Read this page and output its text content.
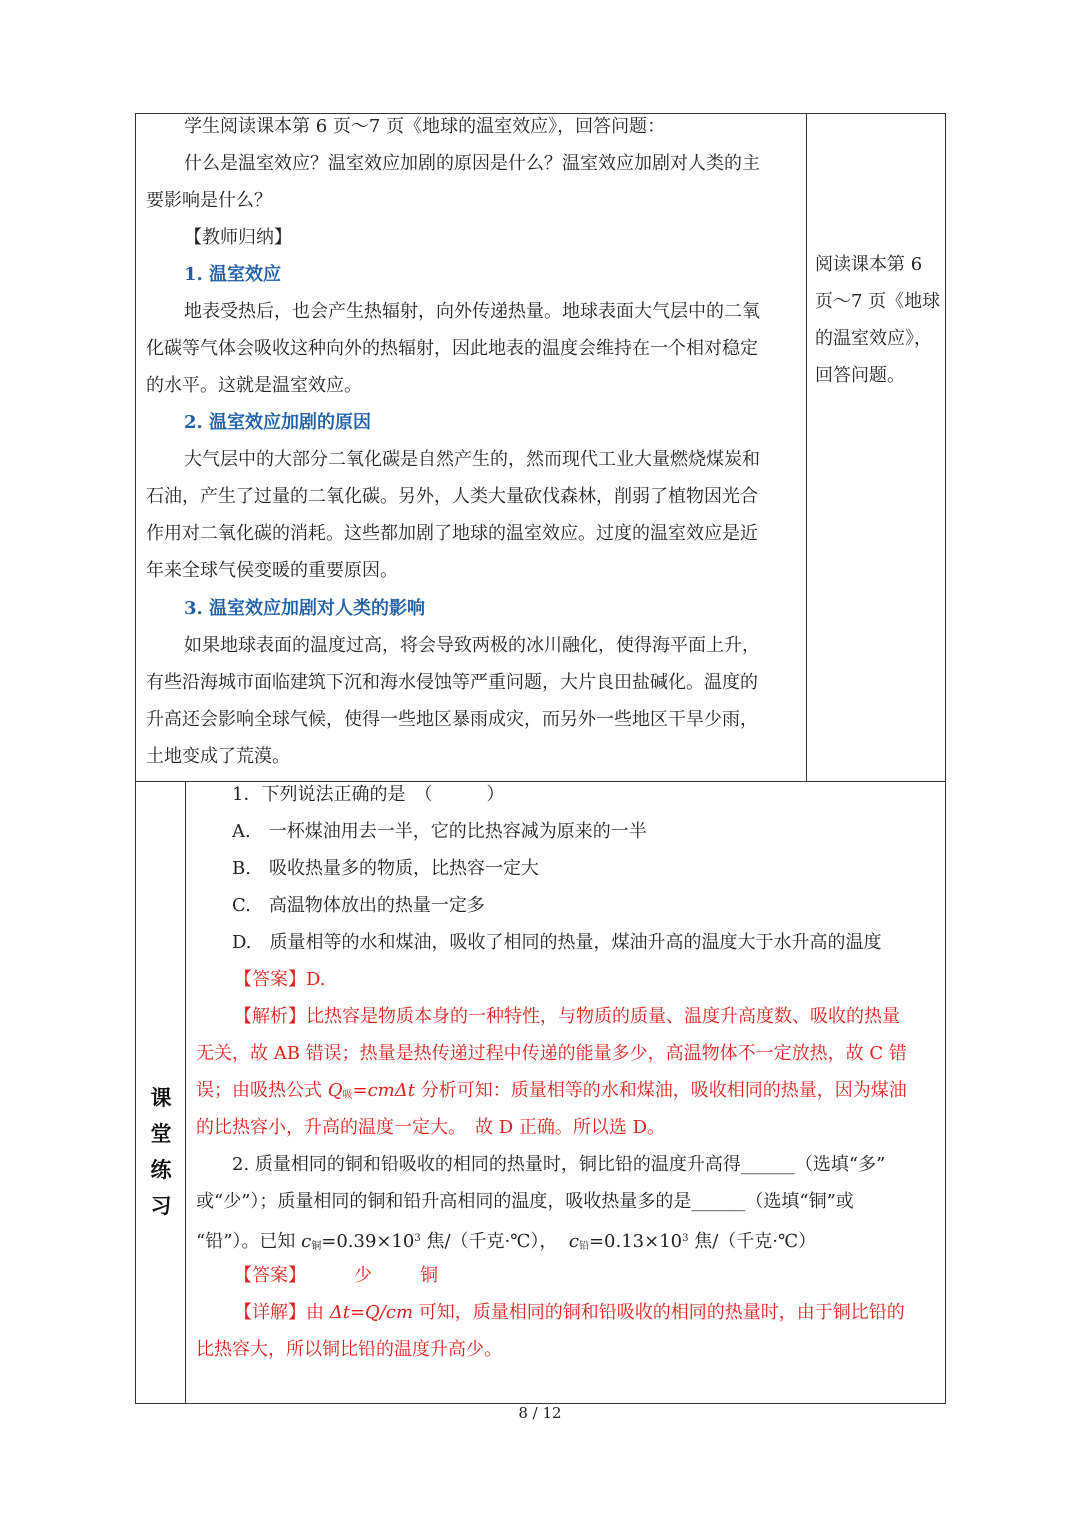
学生阅读课本第 6 页～7 页《地球的温室效应》，回答问题：

什么是温室效应？温室效应加剧的原因是什么？温室效应加剧对人类的主

要影响是什么？

【教师归纳】

1. 温室效应

地表受热后，也会产生热辐射，向外传递热量。地球表面大气层中的二氧

化碳等气体会吸收这种向外的热辐射，因此地表的温度会维持在一个相对稳定

的水平。这就是温室效应。

2. 温室效应加剧的原因

大气层中的大部分二氧化碳是自然产生的，然而现代工业大量燃烧煤炭和

石油，产生了过量的二氧化碳。另外，人类大量砍伐森林，削弱了植物因光合

作用对二氧化碳的消耗。这些都加剧了地球的温室效应。过度的温室效应是近

年来全球气侯变暖的重要原因。

3. 温室效应加剧对人类的影响

如果地球表面的温度过高，将会导致两极的冰川融化，使得海平面上升，

有些沿海城市面临建筑下沉和海水侵蚀等严重问题，大片良田盐碱化。温度的

升高还会影响全球气候，使得一些地区暴雨成灾，而另外一些地区干旱少雨，

土地变成了荒漠。

阅读课本第 6
页～7 页《地球
的温室效应》，
回答问题。
课
堂
练
习

1．下列说法正确的是　（　　　）

A.　一杯煤油用去一半，它的比热容减为原来的一半

B.　吸收热量多的物质，比热容一定大

C.　高温物体放出的热量一定多

D.　质量相等的水和煤油，吸收了相同的热量，煤油升高的温度大于水升高的温度

【答案】D.

【解析】比热容是物质本身的一种特性，与物质的质量、温度升高度数、吸收的热量

无关，故 AB 错误；热量是热传递过程中传递的能量多少，高温物体不一定放热，故 C 错

误；由吸热公式 $Q_吸=cm\Delta t$ 分析可知：质量相等的水和煤油，吸收相同的热量，因为煤油

的比热容小，升高的温度一定大。　故 D 正确。所以选 D。

2. 质量相同的铜和铅吸收的相同的热量时，铜比铅的温度升高得______（选填“多”

或“少”）；质量相同的铜和铅升高相同的温度，吸收热量多的是______（选填“铜”或

“铅”）。已知 $c_铜=0.39\times 10^3$ 焦/（千克·℃）， $c_铅=0.13\times 10^3$ 焦/（千克·℃）

【答案】	少	铜

【详解】由 Δt=Q/cm 可知，质量相同的铜和铅吸收的相同的热量时，由于铜比铅的

比热容大，所以铜比铅的温度升高少。

8 / 12
